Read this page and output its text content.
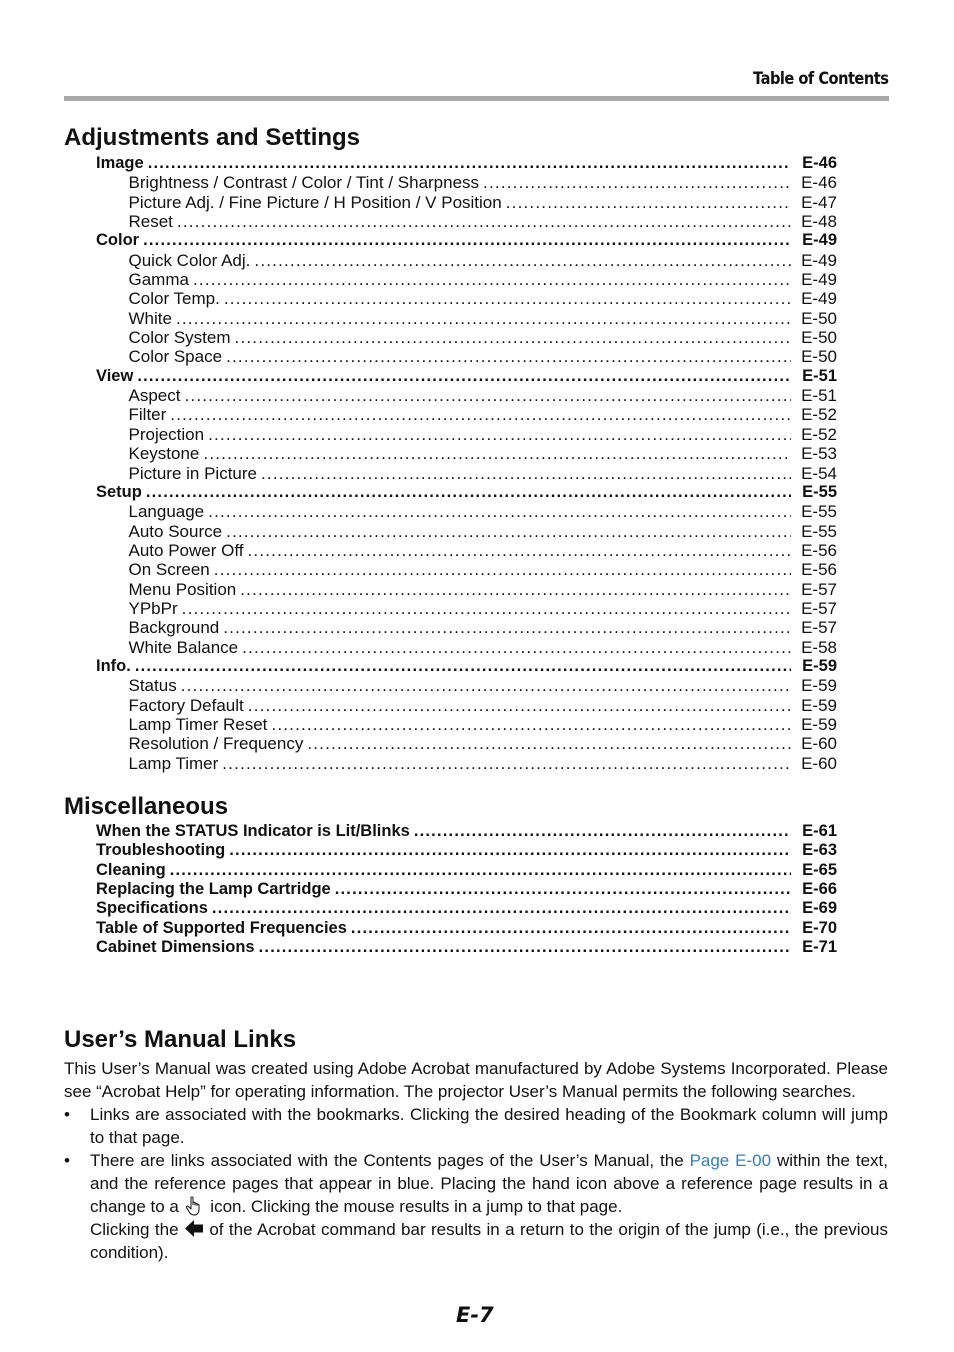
Table of Contents
Adjustments and Settings
Image .....	E-46
Brightness / Contrast / Color / Tint / Sharpness .....	E-46
Picture Adj. / Fine Picture / H Position / V Position .....	E-47
Reset .....	E-48
Color .....	E-49
Quick Color Adj. .....	E-49
Gamma .....	E-49
Color Temp. .....	E-49
White .....	E-50
Color System .....	E-50
Color Space .....	E-50
View .....	E-51
Aspect .....	E-51
Filter .....	E-52
Projection .....	E-52
Keystone .....	E-53
Picture in Picture .....	E-54
Setup .....	E-55
Language .....	E-55
Auto Source .....	E-55
Auto Power Off .....	E-56
On Screen .....	E-56
Menu Position .....	E-57
YPbPr .....	E-57
Background .....	E-57
White Balance .....	E-58
Info. .....	E-59
Status .....	E-59
Factory Default .....	E-59
Lamp Timer Reset .....	E-59
Resolution / Frequency .....	E-60
Lamp Timer .....	E-60
Miscellaneous
When the STATUS Indicator is Lit/Blinks .....	E-61
Troubleshooting .....	E-63
Cleaning .....	E-65
Replacing the Lamp Cartridge .....	E-66
Specifications .....	E-69
Table of Supported Frequencies .....	E-70
Cabinet Dimensions .....	E-71
User’s Manual Links

This User’s Manual was created using Adobe Acrobat manufactured by Adobe Systems Incorporated. Please see “Acrobat Help” for operating information. The projector User’s Manual permits the following searches.

• Links are associated with the bookmarks. Clicking the desired heading of the Bookmark column will jump to that page.
• There are links associated with the Contents pages of the User’s Manual, the Page E-00 within the text, and the reference pages that appear in blue. Placing the hand icon above a reference page results in a change to a  icon. Clicking the mouse results in a jump to that page.

Clicking the  of the Acrobat command bar results in a return to the origin of the jump (i.e., the previous condition).

E-7
